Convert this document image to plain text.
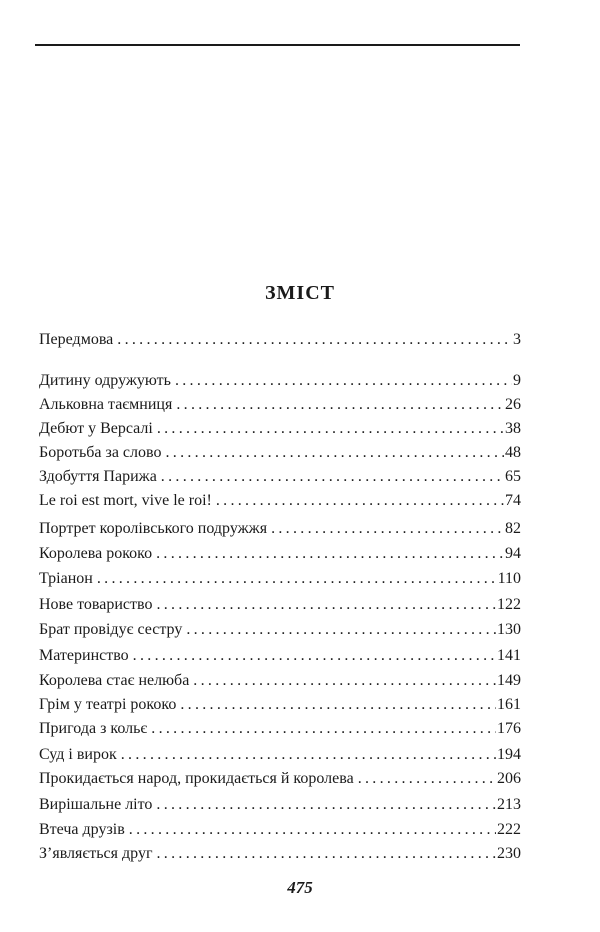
ЗМІСТ
Передмова .....	3
Дитину одружують .....	9
Альковна таємниця .....	26
Дебют у Версалі .....	38
Боротьба за слово .....	48
Здобуття Парижа .....	65
Le roi est mort, vive le roi! .....	74
Портрет королівського подружжя .....	82
Королева рококо .....	94
Тріанон .....	110
Нове товариство .....	122
Брат провідує сестру .....	130
Материнство .....	141
Королева стає нелюба .....	149
Грім у театрі рококо .....	161
Пригода з кольє .....	176
Суд і вирок .....	194
Прокидається народ, прокидається й королева .....	206
Вирішальне літо .....	213
Втеча друзів .....	222
З’являється друг .....	230
475
